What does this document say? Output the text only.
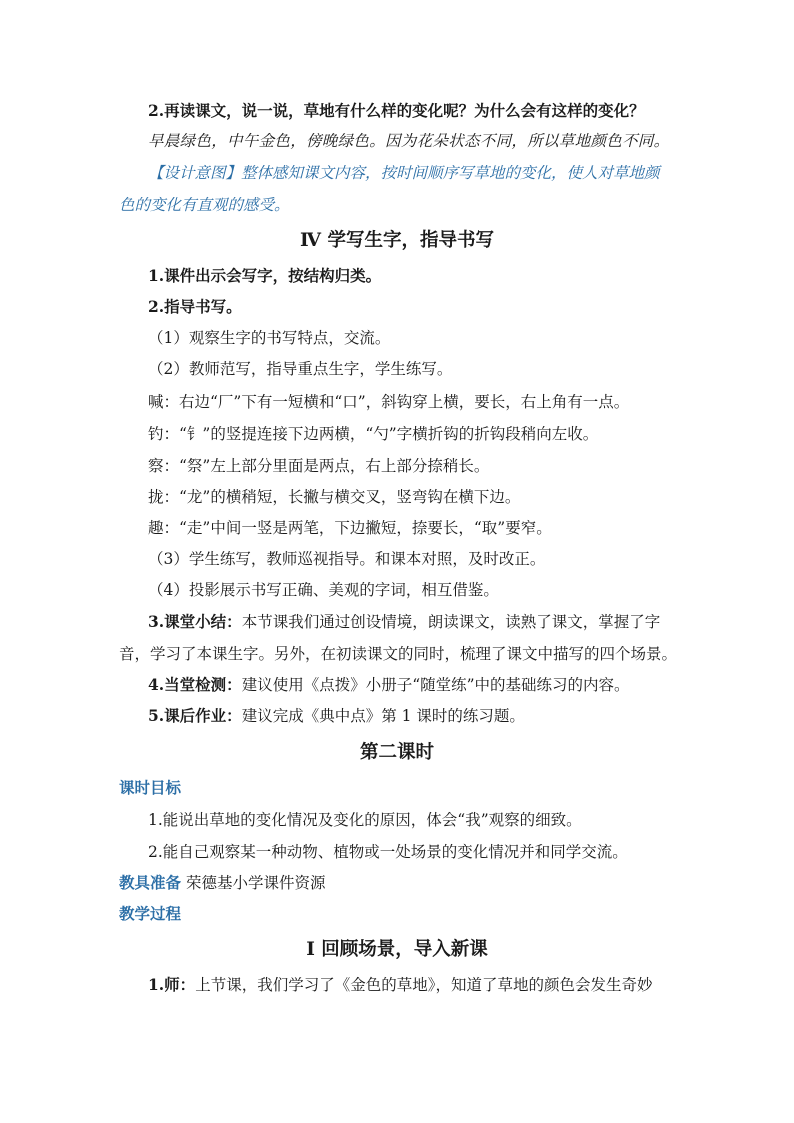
2.再读课文，说一说，草地有什么样的变化呢？为什么会有这样的变化？
早晨绿色，中午金色，傍晚绿色。因为花朵状态不同，所以草地颜色不同。
【设计意图】整体感知课文内容，按时间顺序写草地的变化，使人对草地颜
色的变化有直观的感受。
Ⅳ 学写生字，指导书写
1.课件出示会写字，按结构归类。
2.指导书写。
（1）观察生字的书写特点，交流。
（2）教师范写，指导重点生字，学生练写。
喊：右边“厂”下有一短横和“口”，斜钩穿上横，要长，右上角有一点。
钓：“钅”的竖提连接下边两横，“勺”字横折钩的折钩段稍向左收。
察：“祭”左上部分里面是两点，右上部分捺稍长。
拢：“龙”的横稍短，长撇与横交叉，竖弯钩在横下边。
趣：“走”中间一竖是两笔，下边撇短，捺要长，“取”要窄。
（3）学生练写，教师巡视指导。和课本对照，及时改正。
（4）投影展示书写正确、美观的字词，相互借鉴。
3.课堂小结：本节课我们通过创设情境，朗读课文，读熟了课文，掌握了字
音，学习了本课生字。另外，在初读课文的同时，梳理了课文中描写的四个场景。
4.当堂检测：建议使用《点拨》小册子“随堂练”中的基础练习的内容。
5.课后作业：建议完成《典中点》第 1 课时的练习题。
第二课时
课时目标
1.能说出草地的变化情况及变化的原因，体会“我”观察的细致。
2.能自己观察某一种动物、植物或一处场景的变化情况并和同学交流。
教具准备 荣德基小学课件资源
教学过程
Ⅰ 回顾场景，导入新课
1.师：上节课，我们学习了《金色的草地》，知道了草地的颜色会发生奇妙
